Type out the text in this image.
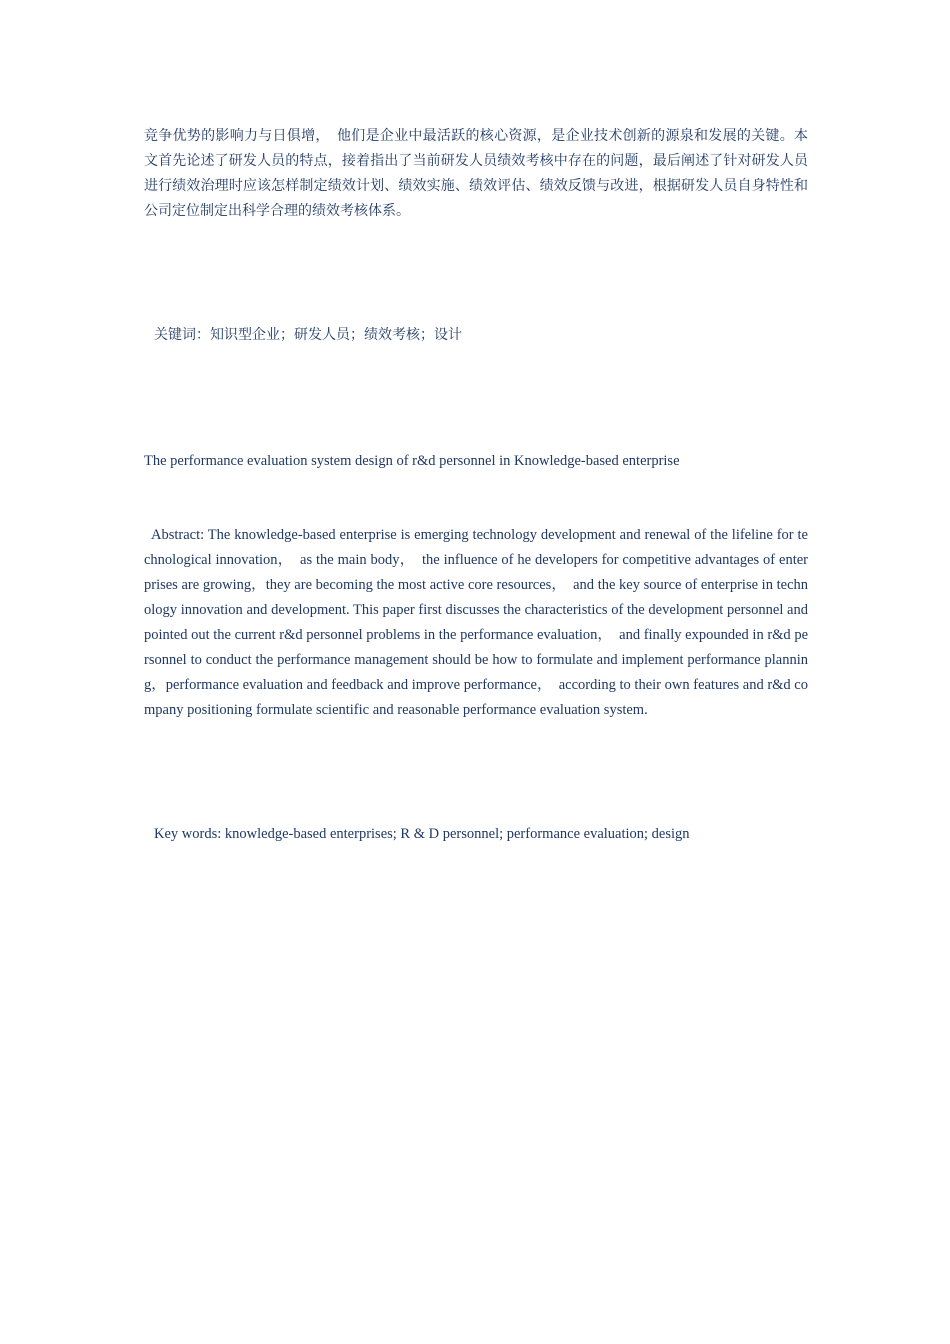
竞争优势的影响力与日俱增，　他们是企业中最活跃的核心资源，是企业技术创新的源泉和发展的关键。本文首先论述了研发人员的特点，接着指出了当前研发人员绩效考核中存在的问题，最后阐述了针对研发人员进行绩效治理时应该怎样制定绩效计划、绩效实施、绩效评估、绩效反馈与改进，根据研发人员自身特性和公司定位制定出科学合理的绩效考核体系。

关键词：知识型企业；研发人员；绩效考核；设计

The performance evaluation system design of r&d personnel in Knowledge-based enterprise

Abstract: The knowledge-based enterprise is emerging technology development and renewal of the lifeline for technological innovation，　as the main body，　the influence of he developers for competitive advantages of enterprises are growing，they are becoming the most active core resources，　and the key source of enterprise in technology innovation and development. This paper first discusses the characteristics of the development personnel and pointed out the current r&d personnel problems in the performance evaluation，　and finally expounded in r&d personnel to conduct the performance management should be how to formulate and implement performance planning，performance evaluation and feedback and improve performance，　according to their own features and r&d company positioning formulate scientific and reasonable performance evaluation system.

Key words: knowledge-based enterprises; R & D personnel; performance evaluation; design
